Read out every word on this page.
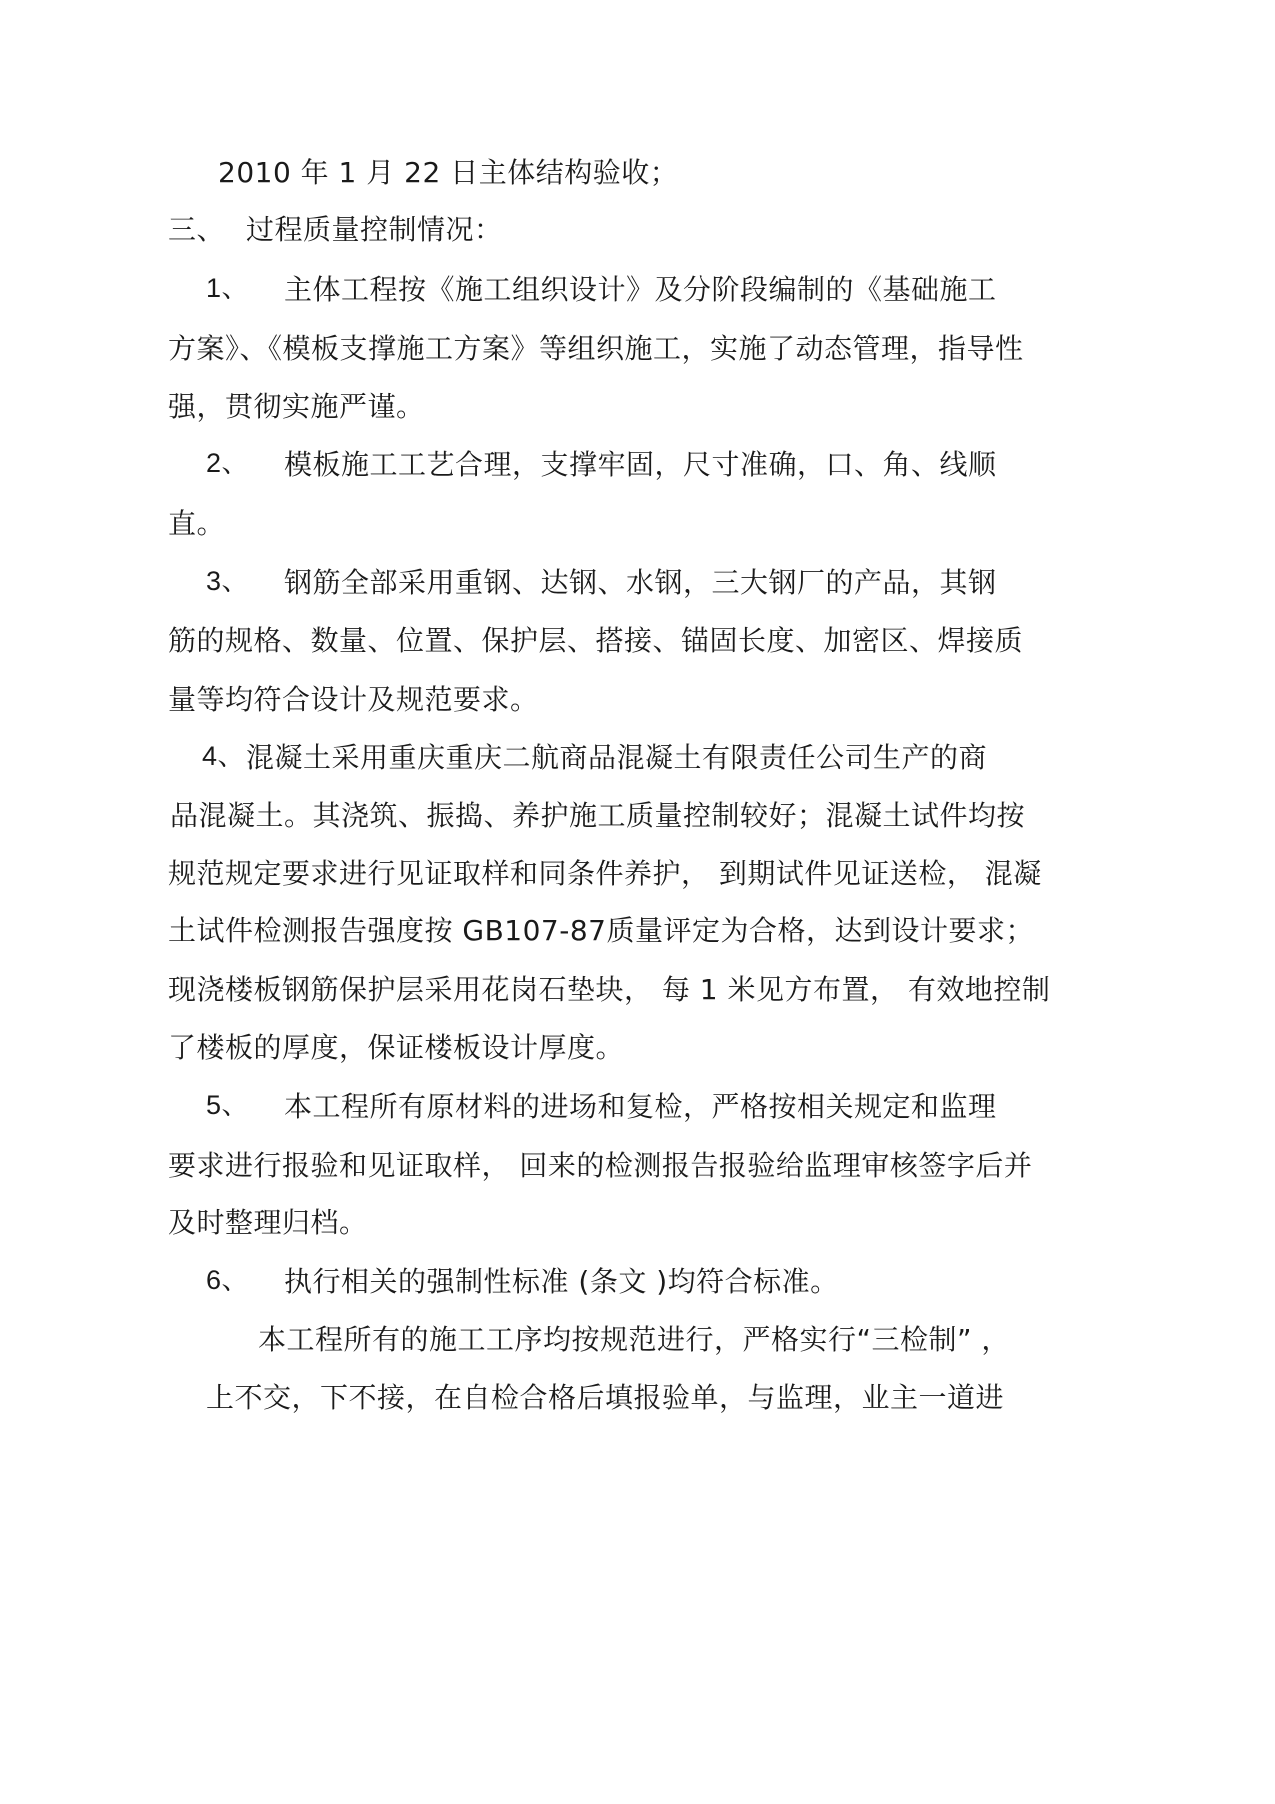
2010 年 1 月 22 日主体结构验收；
三、 过程质量控制情况：
1、 主体工程按《施工组织设计》及分阶段编制的《基础施工
方案》、《模板支撑施工方案》等组织施工，实施了动态管理，指导性
强，贯彻实施严谨。
2、 模板施工工艺合理，支撑牢固，尺寸准确，口、角、线顺
直。
3、 钢筋全部采用重钢、达钢、水钢，三大钢厂的产品，其钢
筋的规格、数量、位置、保护层、搭接、锚固长度、加密区、焊接质
量等均符合设计及规范要求。
4、 混凝土采用重庆重庆二航商品混凝土有限责任公司生产的商
品混凝土。其浇筑、振捣、养护施工质量控制较好；混凝土试件均按
规范规定要求进行见证取样和同条件养护， 到期试件见证送检， 混凝
土试件检测报告强度按 GB107-87质量评定为合格，达到设计要求；
现浇楼板钢筋保护层采用花岗石垫块， 每 1 米见方布置， 有效地控制
了楼板的厚度，保证楼板设计厚度。
5、 本工程所有原材料的进场和复检，严格按相关规定和监理
要求进行报验和见证取样， 回来的检测报告报验给监理审核签字后并
及时整理归档。
6、 执行相关的强制性标准 (条文 )均符合标准。
本工程所有的施工工序均按规范进行，严格实行“三检制” ，
上不交，下不接，在自检合格后填报验单，与监理，业主一道进
